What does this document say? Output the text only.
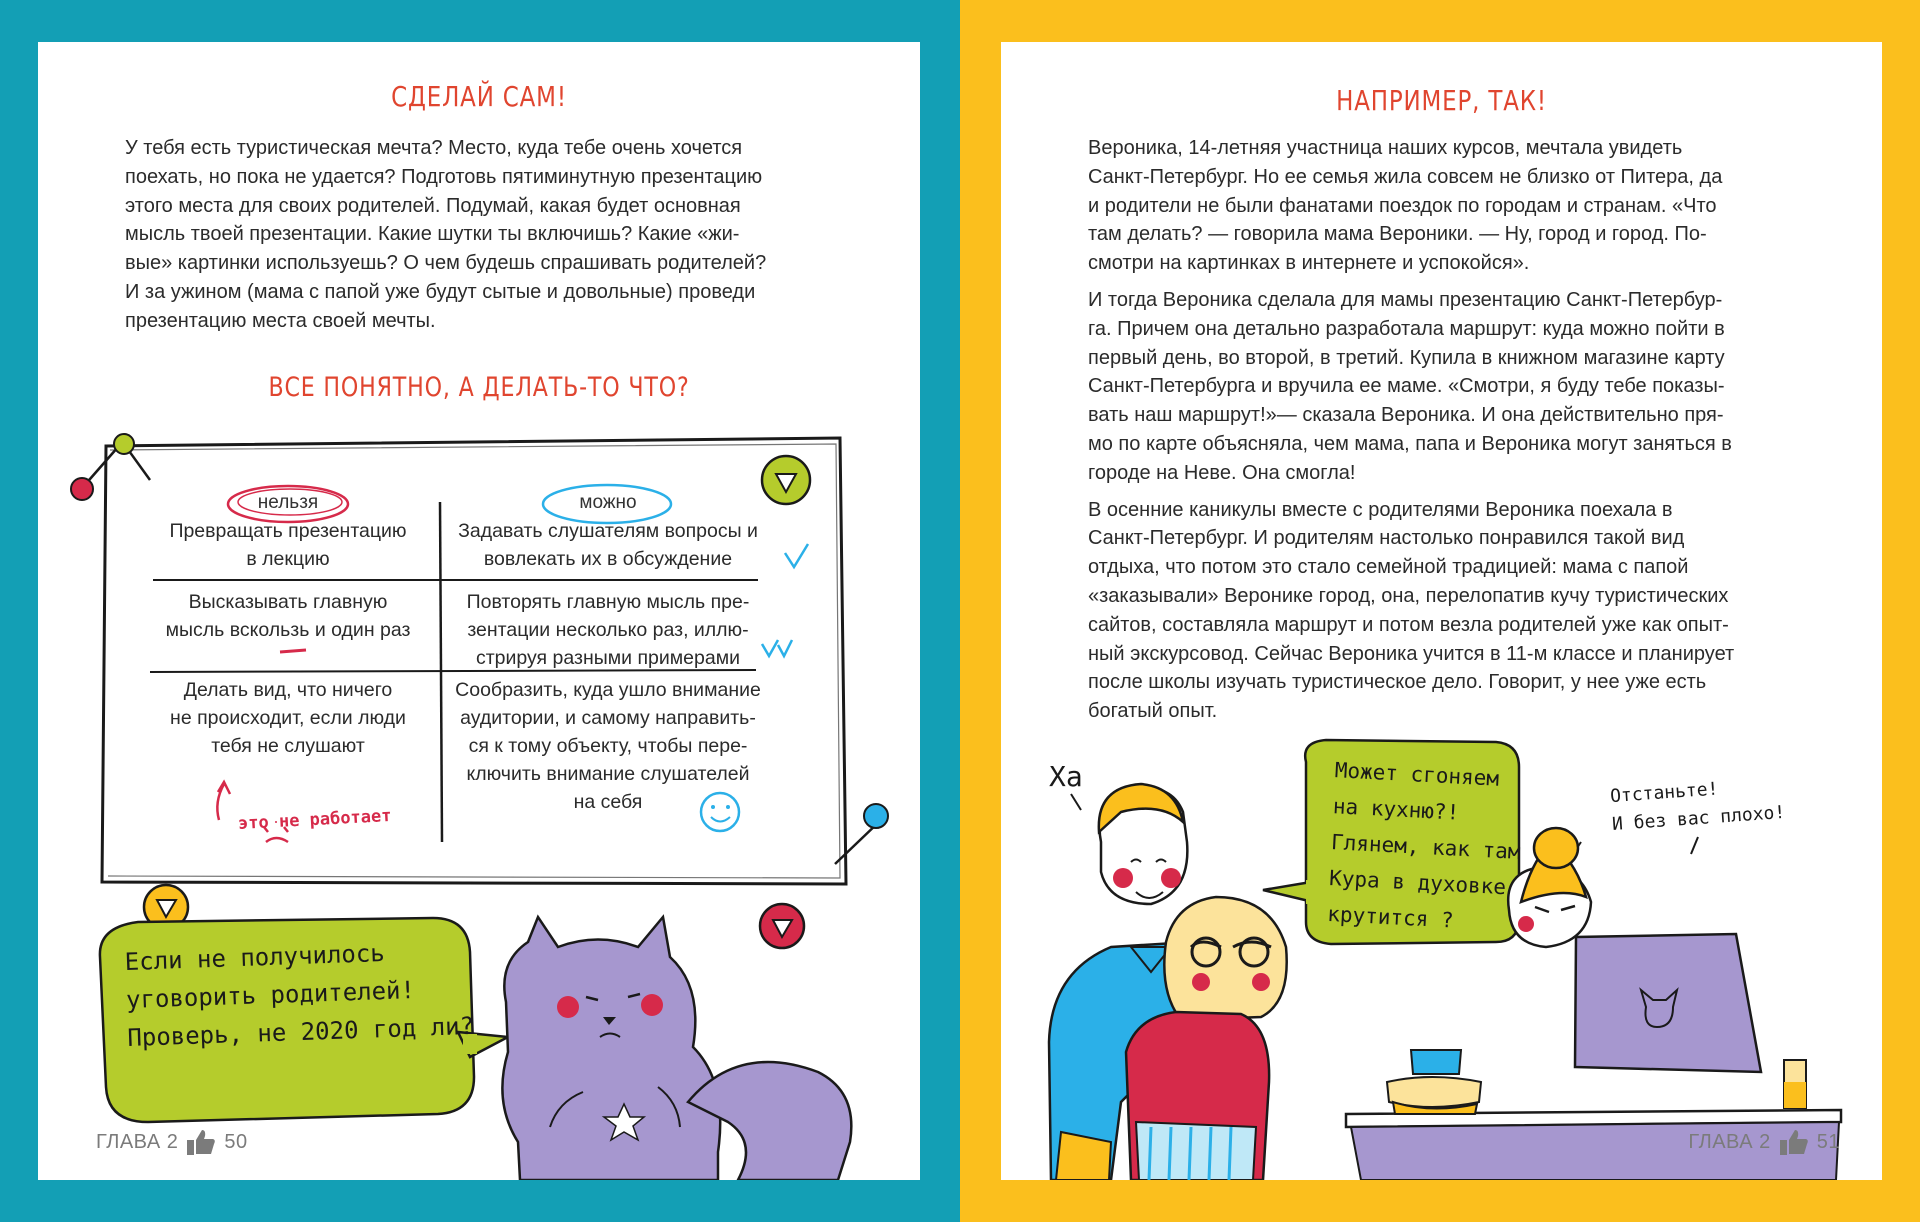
СДЕЛАЙ САМ!
У тебя есть туристическая мечта? Место, куда тебе очень хочется
поехать, но пока не удается? Подготовь пятиминутную презентацию
этого места для своих родителей. Подумай, какая будет основная
мысль твоей презентации. Какие шутки ты включишь? Какие «жи-
вые» картинки используешь? О чем будешь спрашивать родителей?
И за ужином (мама с папой уже будут сытые и довольные) проведи
презентацию места своей мечты.
ВСЕ ПОНЯТНО, А ДЕЛАТЬ-ТО ЧТО?
нельзя	можно
Превращать презентацию
в лекцию
Задавать слушателям вопросы и
вовлекать их в обсуждение
Высказывать главную
мысль вскользь и один раз
Повторять главную мысль пре-
зентации несколько раз, иллю-
стрируя разными примерами
Делать вид, что ничего
не происходит, если люди
тебя не слушают
Сообразить, куда ушло внимание
аудитории, и самому направить-
ся к тому объекту, чтобы пере-
ключить внимание слушателей
на себя
это не работает
Если не получилось
уговорить родителей!
Проверь, не 2020 год ли?
ГЛАВА 2 50
НАПРИМЕР, ТАК!

Вероника, 14-летняя участница наших курсов, мечтала увидеть
Санкт-Петербург. Но ее семья жила совсем не близко от Питера, да
и родители не были фанатами поездок по городам и странам. «Что
там делать? — говорила мама Вероники. — Ну, город и город. По-
смотри на картинках в интернете и успокойся».

И тогда Вероника сделала для мамы презентацию Санкт-Петербур-
га. Причем она детально разработала маршрут: куда можно пойти в
первый день, во второй, в третий. Купила в книжном магазине карту
Санкт-Петербурга и вручила ее маме. «Смотри, я буду тебе показы-
вать наш маршрут!»— сказала Вероника. И она действительно пря-
мо по карте объясняла, чем мама, папа и Вероника могут заняться в
городе на Неве. Она смогла!

В осенние каникулы вместе с родителями Вероника поехала в
Санкт-Петербург. И родителям настолько понравился такой вид
отдыха, что потом это стало семейной традицией: мама с папой
«заказывали» Веронике город, она, перелопатив кучу туристических
сайтов, составляла маршрут и потом везла родителей уже как опыт-
ный экскурсовод. Сейчас Вероника учится в 11-м классе и планирует
после школы изучать туристическое дело. Говорит, у нее уже есть
богатый опыт.

Ха	Может сгоняем
на кухню?!
Глянем, как там
Кура в духовке
крутится ?
Отстаньте!
И без вас плохо!
ГЛАВА 2 51
